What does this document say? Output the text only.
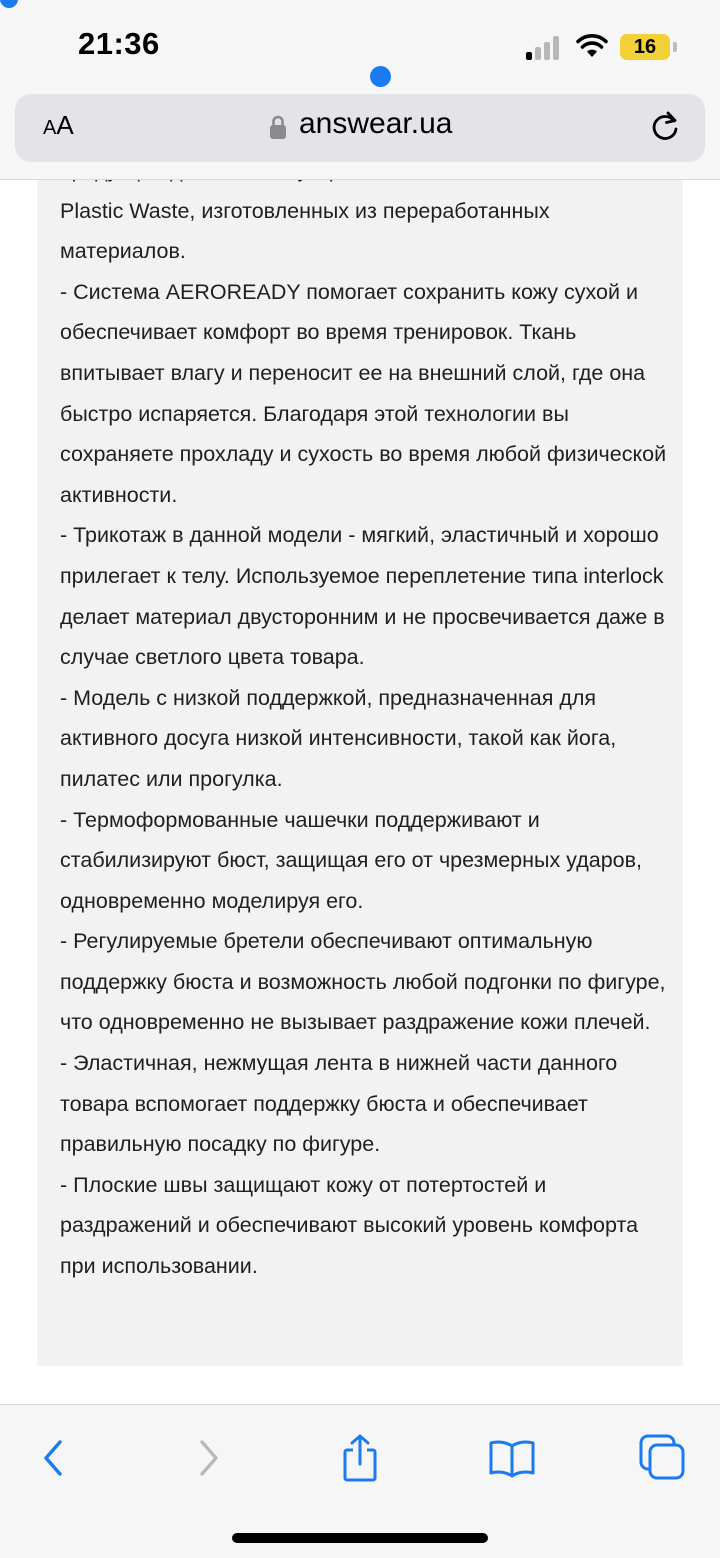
21:36	16
A A	answear.ua

Plastic Waste, изготовленных из переработанных материалов.

- Система AEROREADY помогает сохранить кожу сухой и обеспечивает комфорт во время тренировок. Ткань впитывает влагу и переносит ее на внешний слой, где она быстро испаряется. Благодаря этой технологии вы сохраняете прохладу и сухость во время любой физической активности.

- Трикотаж в данной модели - мягкий, эластичный и хорошо прилегает к телу. Используемое переплетение типа interlock делает материал двусторонним и не просвечивается даже в случае светлого цвета товара.

- Модель с низкой поддержкой, предназначенная для активного досуга низкой интенсивности, такой как йога, пилатес или прогулка.

- Термоформованные чашечки поддерживают и стабилизируют бюст, защищая его от чрезмерных ударов, одновременно моделируя его.

- Регулируемые бретели обеспечивают оптимальную поддержку бюста и возможность любой подгонки по фигуре, что одновременно не вызывает раздражение кожи плечей.

- Эластичная, нежмущая лента в нижней части данного товара вспомогает поддержку бюста и обеспечивает правильную посадку по фигуре.

- Плоские швы защищают кожу от потертостей и раздражений и обеспечивают высокий уровень комфорта при использовании.
